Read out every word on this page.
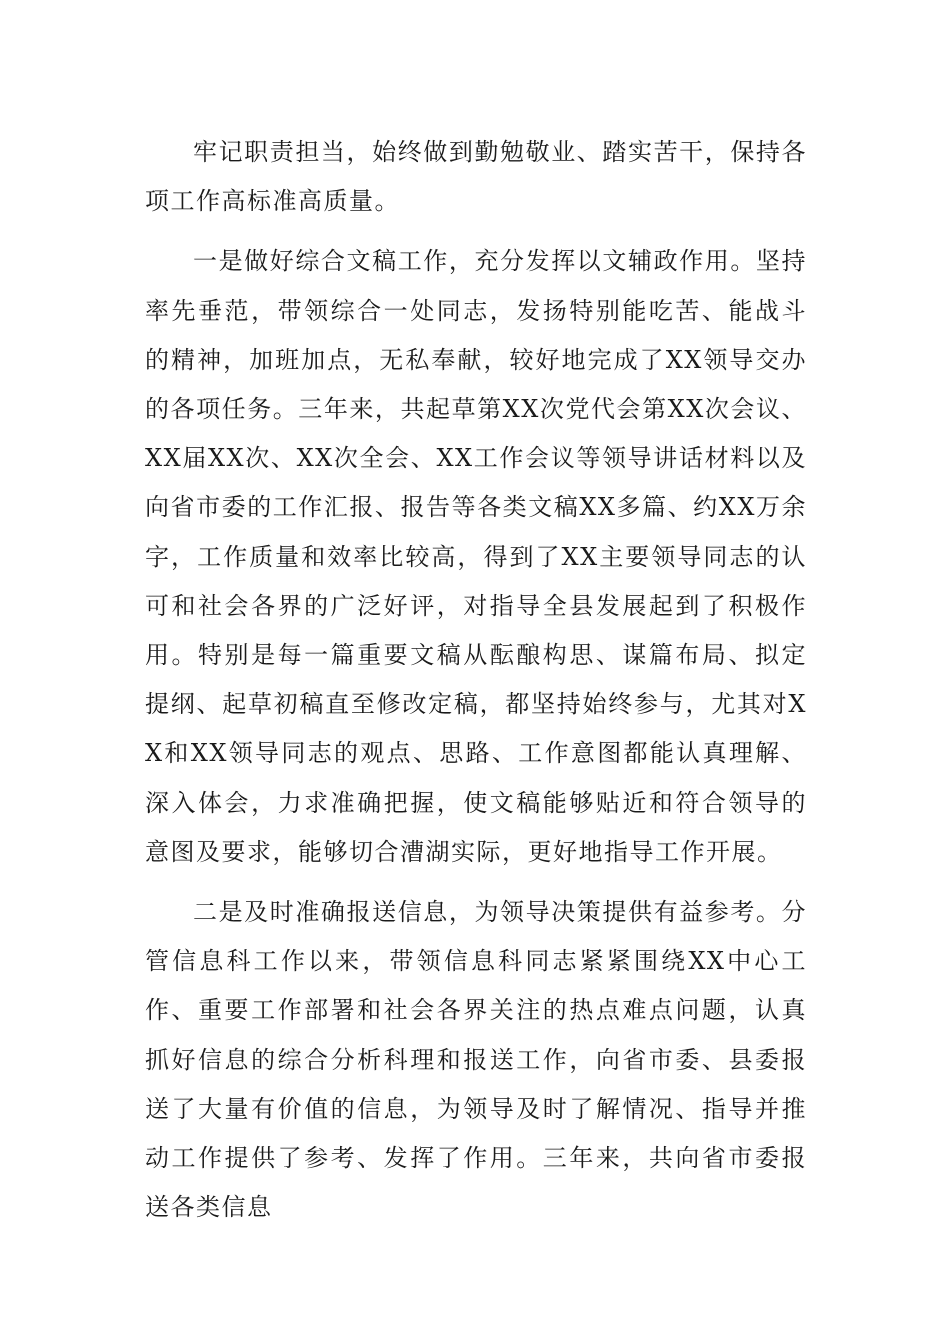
牢记职责担当，始终做到勤勉敬业、踏实苦干，保持各项工作高标准高质量。

一是做好综合文稿工作，充分发挥以文辅政作用。坚持率先垂范，带领综合一处同志，发扬特别能吃苦、能战斗的精神，加班加点，无私奉献，较好地完成了XX领导交办的各项任务。三年来，共起草第XX次党代会第XX次会议、XX届XX次、XX次全会、XX工作会议等领导讲话材料以及向省市委的工作汇报、报告等各类文稿XX多篇、约XX万余字，工作质量和效率比较高，得到了XX主要领导同志的认可和社会各界的广泛好评，对指导全县发展起到了积极作用。特别是每一篇重要文稿从酝酿构思、谋篇布局、拟定提纲、起草初稿直至修改定稿，都坚持始终参与，尤其对XX和XX领导同志的观点、思路、工作意图都能认真理解、深入体会，力求准确把握，使文稿能够贴近和符合领导的意图及要求，能够切合漕湖实际，更好地指导工作开展。

二是及时准确报送信息，为领导决策提供有益参考。分管信息科工作以来，带领信息科同志紧紧围绕XX中心工作、重要工作部署和社会各界关注的热点难点问题，认真抓好信息的综合分析科理和报送工作，向省市委、县委报送了大量有价值的信息，为领导及时了解情况、指导并推动工作提供了参考、发挥了作用。三年来，共向省市委报送各类信息
